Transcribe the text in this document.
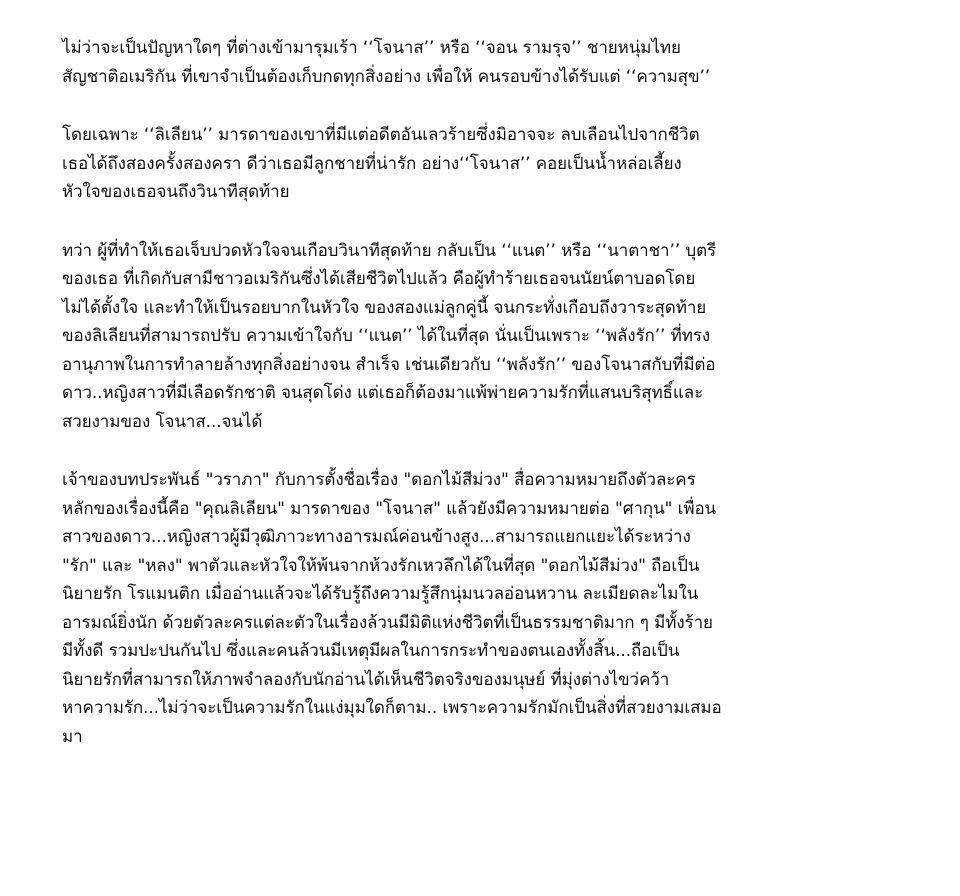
ไม่ว่าจะเป็นปัญหาใดๆ ที่ต่างเข้ามารุมเร้า ‘‘โจนาส’’ หรือ ‘‘จอน รามรุจ’’ ชายหนุ่มไทย
สัญชาติอเมริกัน ที่เขาจำเป็นต้องเก็บกดทุกสิ่งอย่าง เพื่อให้ คนรอบข้างได้รับแต่ ‘‘ความสุข’’
โดยเฉพาะ ‘‘ลิเลียน’’ มารดาของเขาที่มีแต่อดีตอันเลวร้ายซึ่งมิอาจจะ ลบเลือนไปจากชีวิต
เธอได้ถึงสองครั้งสองครา ดีว่าเธอมีลูกชายที่น่ารัก อย่าง‘‘โจนาส’’ คอยเป็นน้ำหล่อเลี้ยง
หัวใจของเธอจนถึงวินาทีสุดท้าย
ทว่า ผู้ที่ทำให้เธอเจ็บปวดหัวใจจนเกือบวินาทีสุดท้าย กลับเป็น ‘‘แนต’’ หรือ ‘‘นาตาชา’’ บุตรี
ของเธอ ที่เกิดกับสามีชาวอเมริกันซึ่งได้เสียชีวิตไปแล้ว คือผู้ทำร้ายเธอจนนัยน์ตาบอดโดย
ไม่ได้ตั้งใจ และทำให้เป็นรอยบากในหัวใจ ของสองแม่ลูกคู่นี้ จนกระทั่งเกือบถึงวาระสุดท้าย
ของลิเลียนที่สามารถปรับ ความเข้าใจกับ ‘‘แนต’’ ได้ในที่สุด นั่นเป็นเพราะ ‘‘พลังรัก’’ ที่ทรง
อานุภาพในการทำลายล้างทุกสิ่งอย่างจน สำเร็จ เช่นเดียวกับ ‘‘พลังรัก’’ ของโจนาสกับที่มีต่อ
ดาว..หญิงสาวที่มีเลือดรักชาติ จนสุดโด่ง แต่เธอก็ต้องมาแพ้พ่ายความรักที่แสนบริสุทธิ์และ
สวยงามของ โจนาส...จนได้
เจ้าของบทประพันธ์ "วราภา" กับการตั้งชื่อเรื่อง "ดอกไม้สีม่วง" สื่อความหมายถึงตัวละคร
หลักของเรื่องนี้คือ "คุณลิเลียน" มารดาของ "โจนาส" แล้วยังมีความหมายต่อ "ศากุน" เพื่อน
สาวของดาว...หญิงสาวผู้มีวุฒิภาวะทางอารมณ์ค่อนข้างสูง...สามารถแยกแยะได้ระหว่าง
"รัก" และ "หลง" พาตัวและหัวใจให้พ้นจากห้วงรักเหวลึกได้ในที่สุด "ดอกไม้สีม่วง" ถือเป็น
นิยายรัก โรแมนติก เมื่ออ่านแล้วจะได้รับรู้ถึงความรู้สึกนุ่มนวลอ่อนหวาน ละเมียดละไมใน
อารมณ์ยิ่งนัก ด้วยตัวละครแต่ละตัวในเรื่องล้วนมีมิติแห่งชีวิตที่เป็นธรรมชาติมาก ๆ มีทั้งร้าย
มีทั้งดี รวมปะปนกันไป ซึ่งและคนล้วนมีเหตุมีผลในการกระทำของตนเองทั้งสิ้น...ถือเป็น
นิยายรักที่สามารถให้ภาพจำลองกับนักอ่านได้เห็นชีวิตจริงของมนุษย์ ที่มุ่งต่างไขว่คว้า
หาความรัก...ไม่ว่าจะเป็นความรักในแง่มุมใดก็ตาม.. เพราะความรักมักเป็นสิ่งที่สวยงามเสมอ
มา
